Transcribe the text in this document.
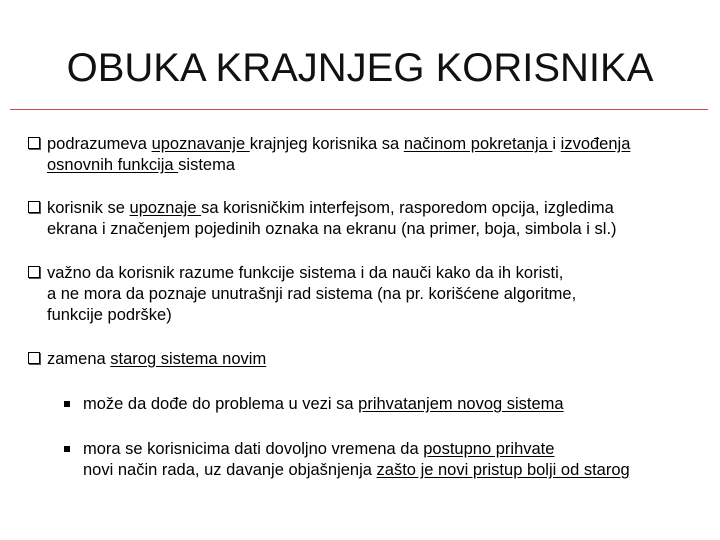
OBUKA KRAJNJEG KORISNIKA
podrazumeva upoznavanje krajnjeg korisnika sa načinom pokretanja i izvođenja
osnovnih funkcija sistema
korisnik se upoznaje sa korisničkim interfejsom, rasporedom opcija, izgledima
ekrana i značenjem pojedinih oznaka na ekranu (na primer, boja, simbola i sl.)
važno da korisnik razume funkcije sistema i da nauči kako da ih koristi,
a ne mora da poznaje unutrašnji rad sistema (na pr. korišćene algoritme,
funkcije podrške)
zamena starog sistema novim
može da dođe do problema u vezi sa prihvatanjem novog sistema
mora se korisnicima dati dovoljno vremena da postupno prihvate
novi način rada, uz davanje objašnjenja zašto je novi pristup bolji od starog
